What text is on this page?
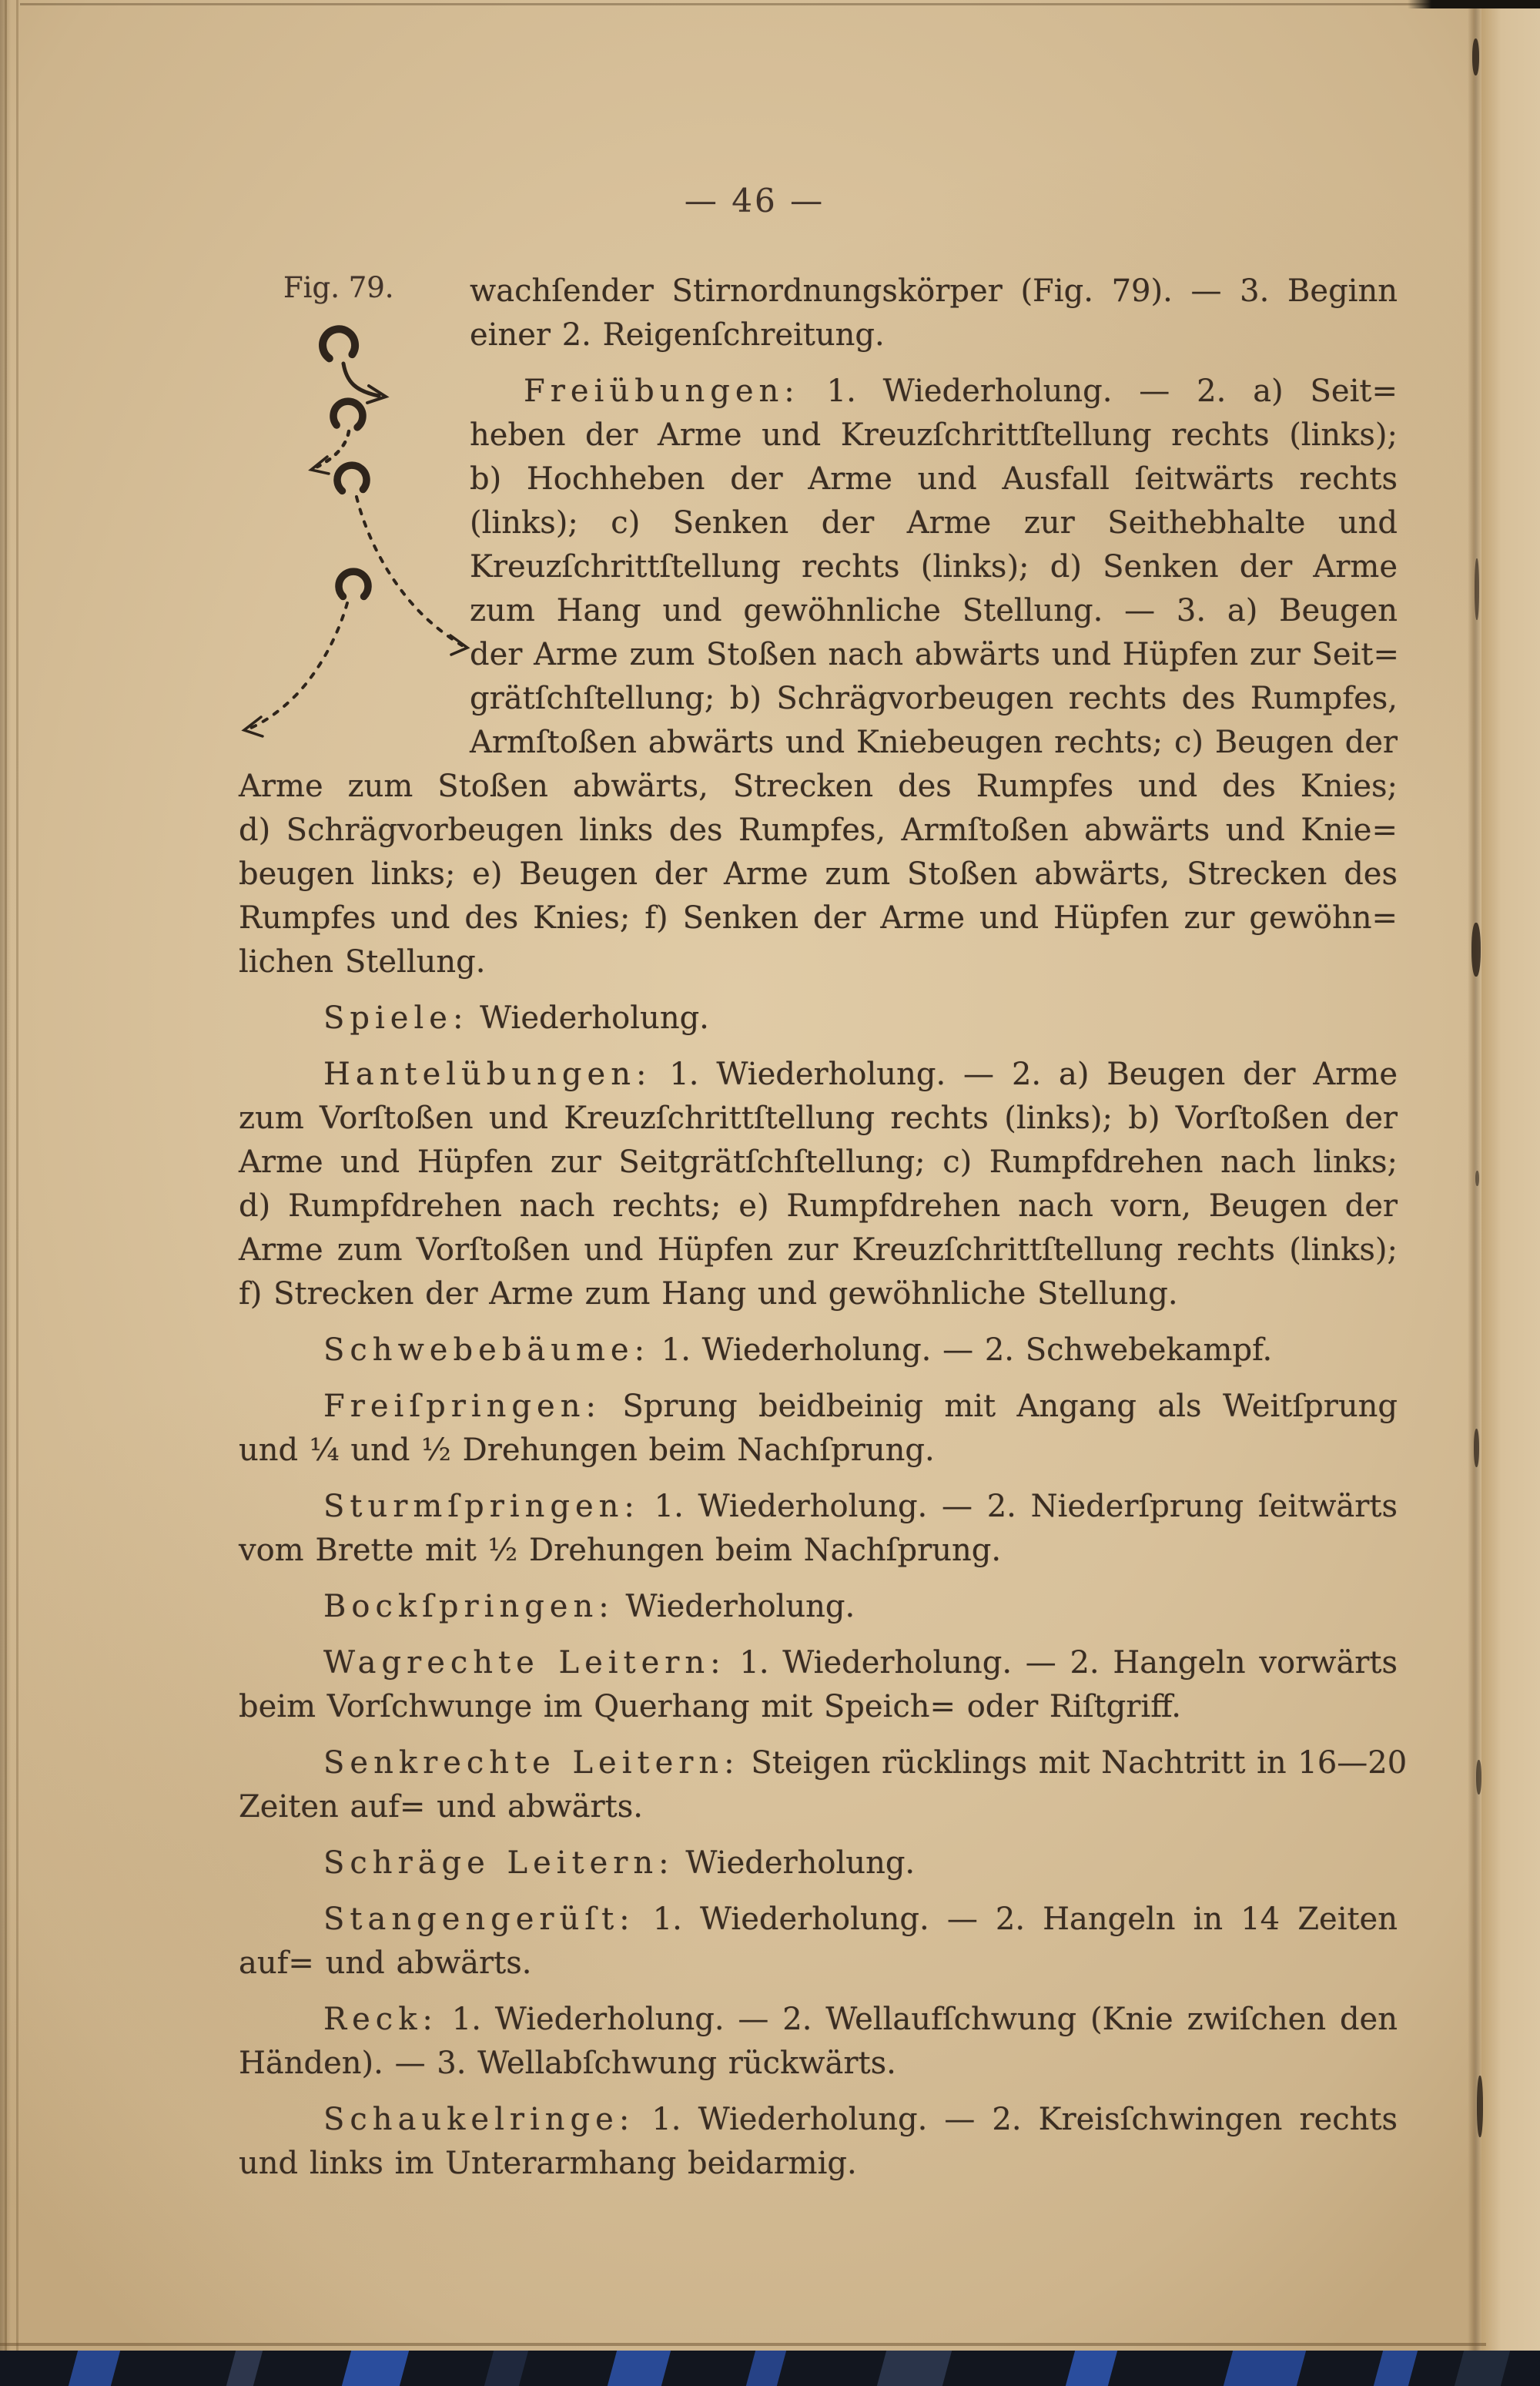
— 46 —
Fig. 79. wachſender Stirnordnungskörper (Fig. 79). — 3. Beginn
einer 2. Reigenſchreitung.
Freiübungen: 1. Wiederholung. — 2. a) Seit=
heben der Arme und Kreuzſchrittſtellung rechts (links);
b) Hochheben der Arme und Ausfall ſeitwärts rechts
(links); c) Senken der Arme zur Seithebhalte und
Kreuzſchrittſtellung rechts (links); d) Senken der Arme
zum Hang und gewöhnliche Stellung. — 3. a) Beugen
der Arme zum Stoßen nach abwärts und Hüpfen zur Seit=
grätſchſtellung; b) Schrägvorbeugen rechts des Rumpfes,
Armſtoßen abwärts und Kniebeugen rechts; c) Beugen der
Arme zum Stoßen abwärts, Strecken des Rumpfes und des Knies;
d) Schrägvorbeugen links des Rumpfes, Armſtoßen abwärts und Knie=
beugen links; e) Beugen der Arme zum Stoßen abwärts, Strecken des
Rumpfes und des Knies; f) Senken der Arme und Hüpfen zur gewöhn=
lichen Stellung.
Spiele: Wiederholung.
Hantelübungen: 1. Wiederholung. — 2. a) Beugen der Arme
zum Vorſtoßen und Kreuzſchrittſtellung rechts (links); b) Vorſtoßen der
Arme und Hüpfen zur Seitgrätſchſtellung; c) Rumpfdrehen nach links;
d) Rumpfdrehen nach rechts; e) Rumpfdrehen nach vorn, Beugen der
Arme zum Vorſtoßen und Hüpfen zur Kreuzſchrittſtellung rechts (links);
f) Strecken der Arme zum Hang und gewöhnliche Stellung.
Schwebebäume: 1. Wiederholung. — 2. Schwebekampf.
Freiſpringen: Sprung beidbeinig mit Angang als Weitſprung
und ¼ und ½ Drehungen beim Nachſprung.
Sturmſpringen: 1. Wiederholung. — 2. Niederſprung ſeitwärts
vom Brette mit ½ Drehungen beim Nachſprung.
Bockſpringen: Wiederholung.
Wagrechte Leitern: 1. Wiederholung. — 2. Hangeln vorwärts
beim Vorſchwunge im Querhang mit Speich= oder Riſtgriff.
Senkrechte Leitern: Steigen rücklings mit Nachtritt in 16—20
Zeiten auf= und abwärts.
Schräge Leitern: Wiederholung.
Stangengerüſt: 1. Wiederholung. — 2. Hangeln in 14 Zeiten
auf= und abwärts.
Reck: 1. Wiederholung. — 2. Wellaufſchwung (Knie zwiſchen den
Händen). — 3. Wellabſchwung rückwärts.
Schaukelringe: 1. Wiederholung. — 2. Kreisſchwingen rechts
und links im Unterarmhang beidarmig.
